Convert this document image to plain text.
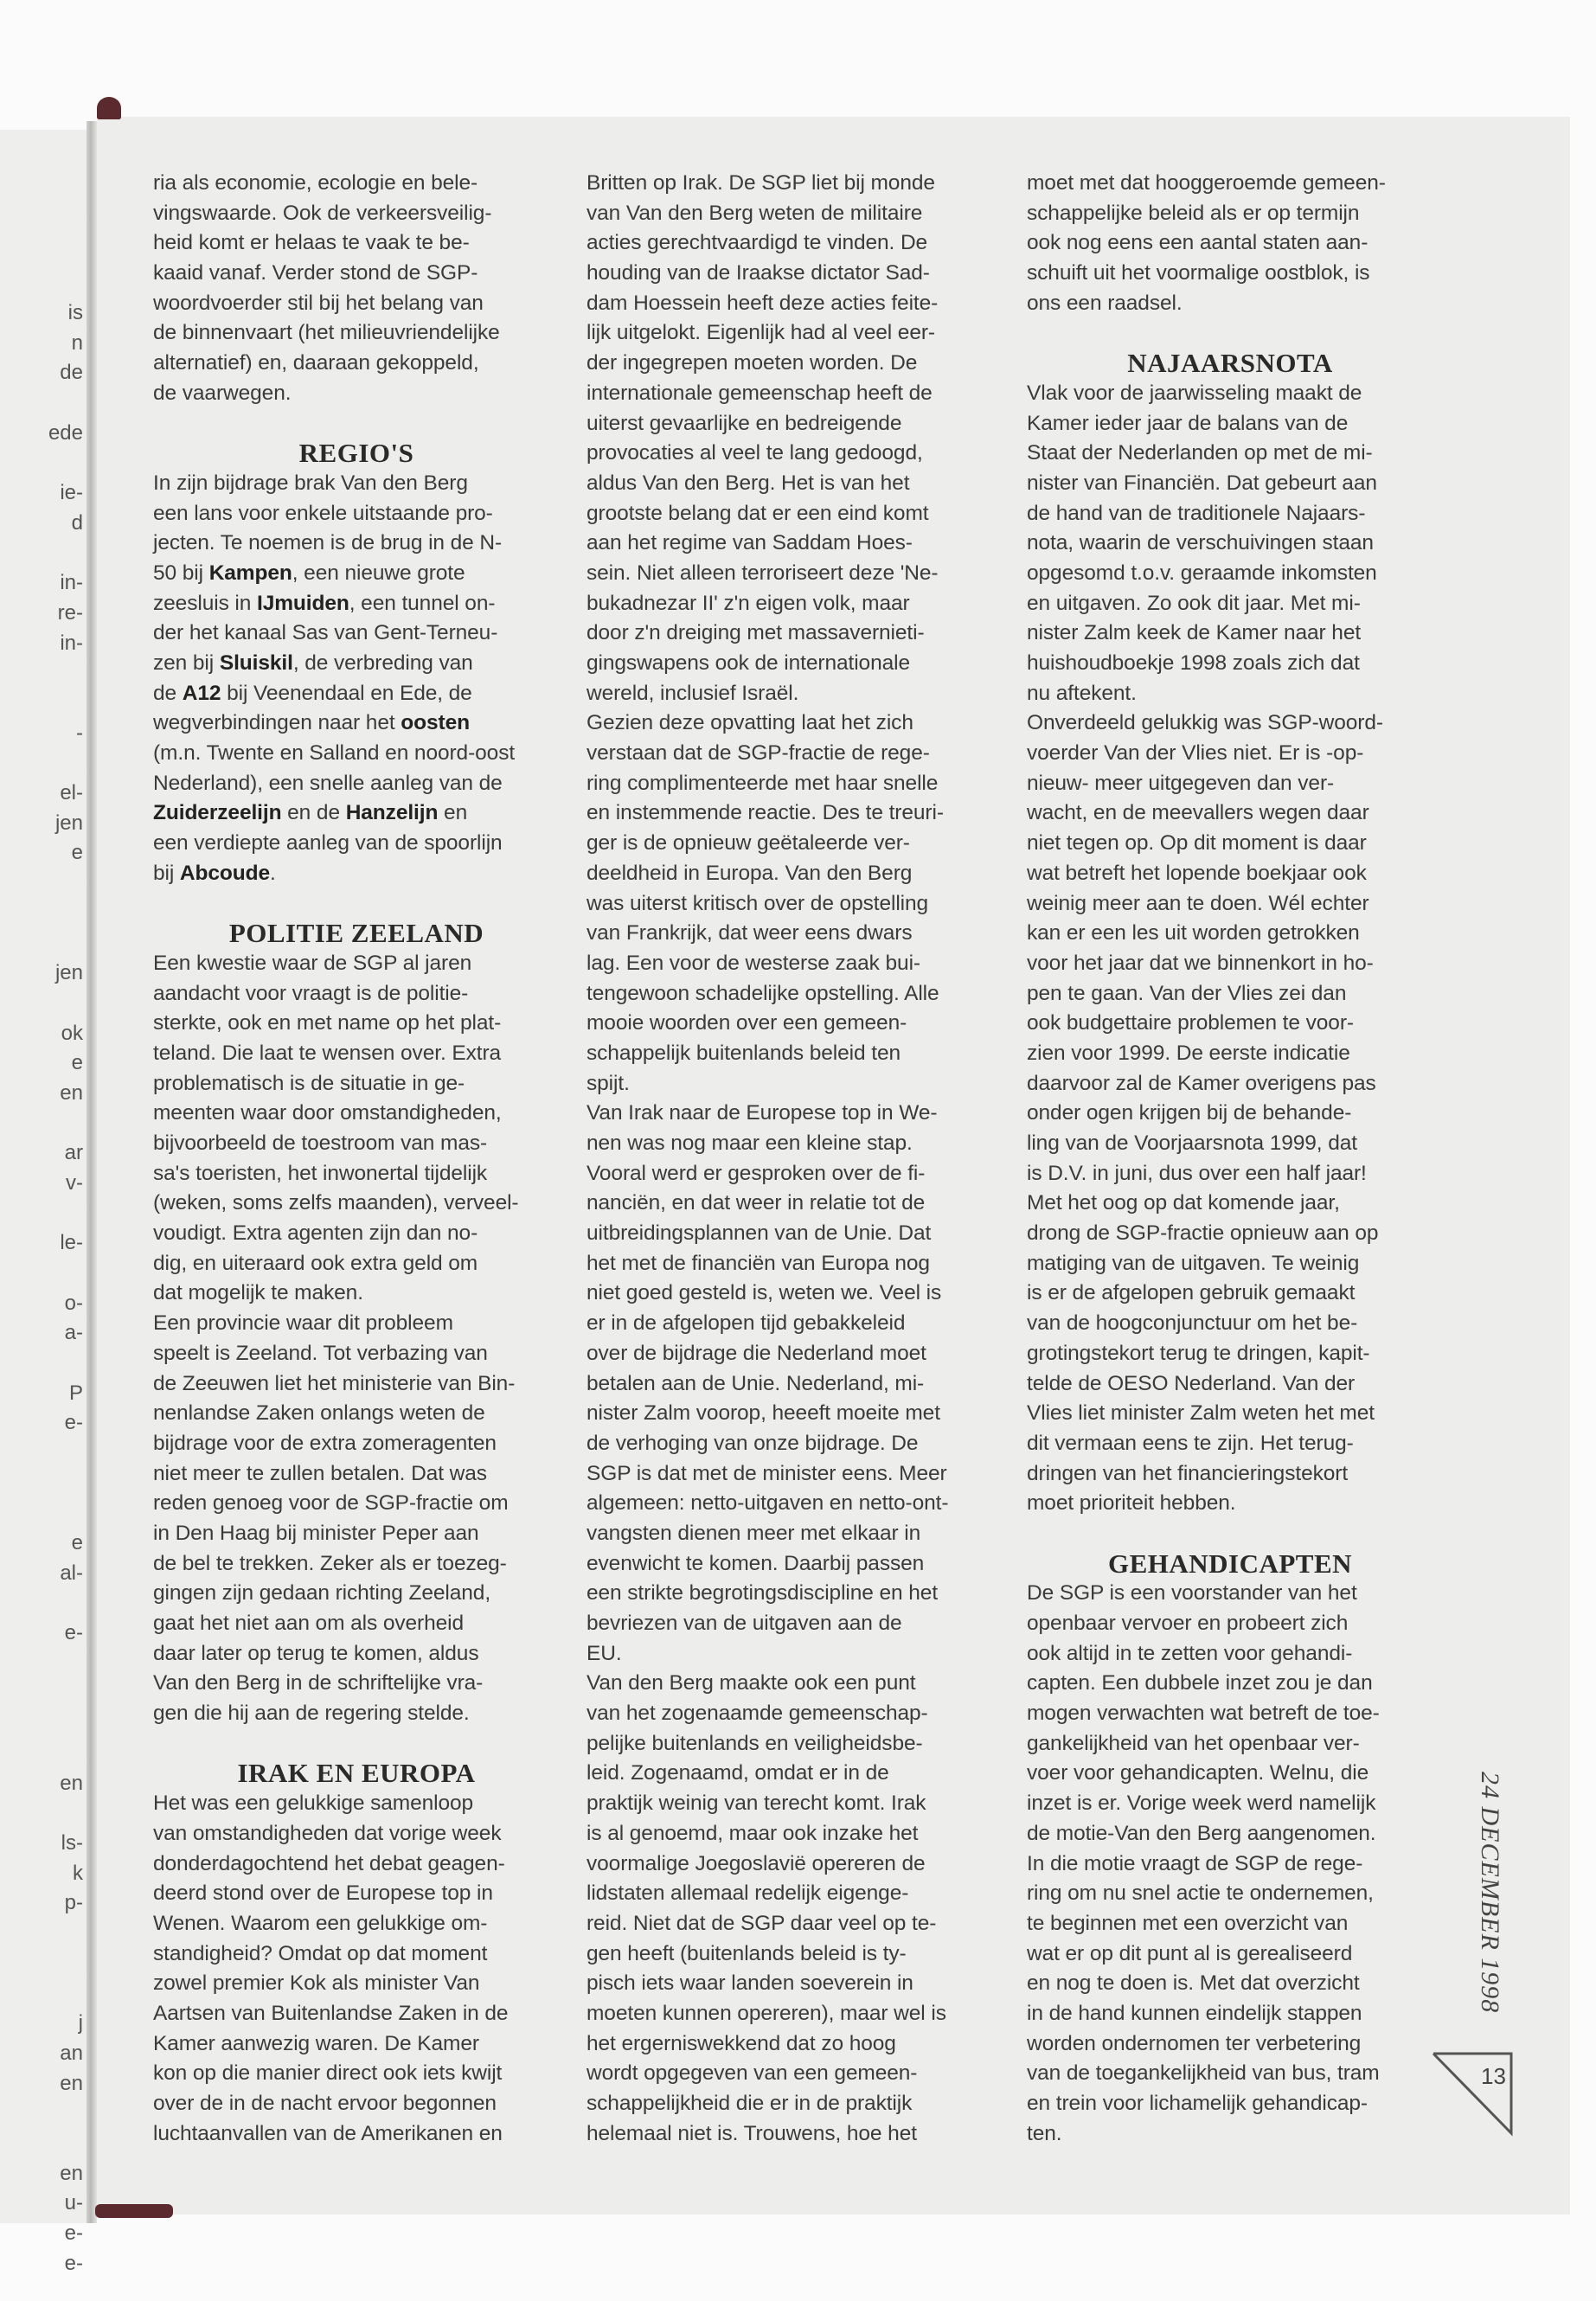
is
n
de
ede
ie-
d
in-
re-
in-
-
el-
jen
e
jen
ok
e
en
ar
v-
le-
o-
a-
P
e-
e
al-
e-
en
ls-
k
p-
j
an
en
en
u-
e-
e-
ria als economie, ecologie en bele-
vingswaarde. Ook de verkeersveilig-
heid komt er helaas te vaak te be-
kaaid vanaf. Verder stond de SGP-
woordvoerder stil bij het belang van
de binnenvaart (het milieuvriendelijke
alternatief) en, daaraan gekoppeld,
de vaarwegen.
REGIO'S
In zijn bijdrage brak Van den Berg
een lans voor enkele uitstaande pro-
jecten. Te noemen is de brug in de N-
50 bij Kampen, een nieuwe grote
zeesluis in IJmuiden, een tunnel on-
der het kanaal Sas van Gent-Terneu-
zen bij Sluiskil, de verbreding van
de A12 bij Veenendaal en Ede, de
wegverbindingen naar het oosten
(m.n. Twente en Salland en noord-oost
Nederland), een snelle aanleg van de
Zuiderzeelijn en de Hanzelijn en
een verdiepte aanleg van de spoorlijn
bij Abcoude.
POLITIE ZEELAND
Een kwestie waar de SGP al jaren
aandacht voor vraagt is de politie-
sterkte, ook en met name op het plat-
teland. Die laat te wensen over. Extra
problematisch is de situatie in ge-
meenten waar door omstandigheden,
bijvoorbeeld de toestroom van mas-
sa's toeristen, het inwonertal tijdelijk
(weken, soms zelfs maanden), verveel-
voudigt. Extra agenten zijn dan no-
dig, en uiteraard ook extra geld om
dat mogelijk te maken.
Een provincie waar dit probleem
speelt is Zeeland. Tot verbazing van
de Zeeuwen liet het ministerie van Bin-
nenlandse Zaken onlangs weten de
bijdrage voor de extra zomeragenten
niet meer te zullen betalen. Dat was
reden genoeg voor de SGP-fractie om
in Den Haag bij minister Peper aan
de bel te trekken. Zeker als er toezeg-
gingen zijn gedaan richting Zeeland,
gaat het niet aan om als overheid
daar later op terug te komen, aldus
Van den Berg in de schriftelijke vra-
gen die hij aan de regering stelde.
IRAK EN EUROPA
Het was een gelukkige samenloop
van omstandigheden dat vorige week
donderdagochtend het debat geagen-
deerd stond over de Europese top in
Wenen. Waarom een gelukkige om-
standigheid? Omdat op dat moment
zowel premier Kok als minister Van
Aartsen van Buitenlandse Zaken in de
Kamer aanwezig waren. De Kamer
kon op die manier direct ook iets kwijt
over de in de nacht ervoor begonnen
luchtaanvallen van de Amerikanen en
Britten op Irak. De SGP liet bij monde
van Van den Berg weten de militaire
acties gerechtvaardigd te vinden. De
houding van de Iraakse dictator Sad-
dam Hoessein heeft deze acties feite-
lijk uitgelokt. Eigenlijk had al veel eer-
der ingegrepen moeten worden. De
internationale gemeenschap heeft de
uiterst gevaarlijke en bedreigende
provocaties al veel te lang gedoogd,
aldus Van den Berg. Het is van het
grootste belang dat er een eind komt
aan het regime van Saddam Hoes-
sein. Niet alleen terroriseert deze 'Ne-
bukadnezar II' z'n eigen volk, maar
door z'n dreiging met massavernieti-
gingswapens ook de internationale
wereld, inclusief Israël.
Gezien deze opvatting laat het zich
verstaan dat de SGP-fractie de rege-
ring complimenteerde met haar snelle
en instemmende reactie. Des te treuri-
ger is de opnieuw geëtaleerde ver-
deeldheid in Europa. Van den Berg
was uiterst kritisch over de opstelling
van Frankrijk, dat weer eens dwars
lag. Een voor de westerse zaak bui-
tengewoon schadelijke opstelling. Alle
mooie woorden over een gemeen-
schappelijk buitenlands beleid ten
spijt.
Van Irak naar de Europese top in We-
nen was nog maar een kleine stap.
Vooral werd er gesproken over de fi-
nanciën, en dat weer in relatie tot de
uitbreidingsplannen van de Unie. Dat
het met de financiën van Europa nog
niet goed gesteld is, weten we. Veel is
er in de afgelopen tijd gebakkeleid
over de bijdrage die Nederland moet
betalen aan de Unie. Nederland, mi-
nister Zalm voorop, heeeft moeite met
de verhoging van onze bijdrage. De
SGP is dat met de minister eens. Meer
algemeen: netto-uitgaven en netto-ont-
vangsten dienen meer met elkaar in
evenwicht te komen. Daarbij passen
een strikte begrotingsdiscipline en het
bevriezen van de uitgaven aan de
EU.
Van den Berg maakte ook een punt
van het zogenaamde gemeenschap-
pelijke buitenlands en veiligheidsbe-
leid. Zogenaamd, omdat er in de
praktijk weinig van terecht komt. Irak
is al genoemd, maar ook inzake het
voormalige Joegoslavië opereren de
lidstaten allemaal redelijk eigenge-
reid. Niet dat de SGP daar veel op te-
gen heeft (buitenlands beleid is ty-
pisch iets waar landen soeverein in
moeten kunnen opereren), maar wel is
het ergerniswekkend dat zo hoog
wordt opgegeven van een gemeen-
schappelijkheid die er in de praktijk
helemaal niet is. Trouwens, hoe het
moet met dat hooggeroemde gemeen-
schappelijke beleid als er op termijn
ook nog eens een aantal staten aan-
schuift uit het voormalige oostblok, is
ons een raadsel.
NAJAARSNOTA
Vlak voor de jaarwisseling maakt de
Kamer ieder jaar de balans van de
Staat der Nederlanden op met de mi-
nister van Financiën. Dat gebeurt aan
de hand van de traditionele Najaars-
nota, waarin de verschuivingen staan
opgesomd t.o.v. geraamde inkomsten
en uitgaven. Zo ook dit jaar. Met mi-
nister Zalm keek de Kamer naar het
huishoudboekje 1998 zoals zich dat
nu aftekent.
Onverdeeld gelukkig was SGP-woord-
voerder Van der Vlies niet. Er is -op-
nieuw- meer uitgegeven dan ver-
wacht, en de meevallers wegen daar
niet tegen op. Op dit moment is daar
wat betreft het lopende boekjaar ook
weinig meer aan te doen. Wél echter
kan er een les uit worden getrokken
voor het jaar dat we binnenkort in ho-
pen te gaan. Van der Vlies zei dan
ook budgettaire problemen te voor-
zien voor 1999. De eerste indicatie
daarvoor zal de Kamer overigens pas
onder ogen krijgen bij de behande-
ling van de Voorjaarsnota 1999, dat
is D.V. in juni, dus over een half jaar!
Met het oog op dat komende jaar,
drong de SGP-fractie opnieuw aan op
matiging van de uitgaven. Te weinig
is er de afgelopen gebruik gemaakt
van de hoogconjunctuur om het be-
grotingstekort terug te dringen, kapit-
telde de OESO Nederland. Van der
Vlies liet minister Zalm weten het met
dit vermaan eens te zijn. Het terug-
dringen van het financieringstekort
moet prioriteit hebben.
GEHANDICAPTEN
De SGP is een voorstander van het
openbaar vervoer en probeert zich
ook altijd in te zetten voor gehandi-
capten. Een dubbele inzet zou je dan
mogen verwachten wat betreft de toe-
gankelijkheid van het openbaar ver-
voer voor gehandicapten. Welnu, die
inzet is er. Vorige week werd namelijk
de motie-Van den Berg aangenomen.
In die motie vraagt de SGP de rege-
ring om nu snel actie te ondernemen,
te beginnen met een overzicht van
wat er op dit punt al is gerealiseerd
en nog te doen is. Met dat overzicht
in de hand kunnen eindelijk stappen
worden ondernomen ter verbetering
van de toegankelijkheid van bus, tram
en trein voor lichamelijk gehandicap-
ten.
24 DECEMBER 1998
13
